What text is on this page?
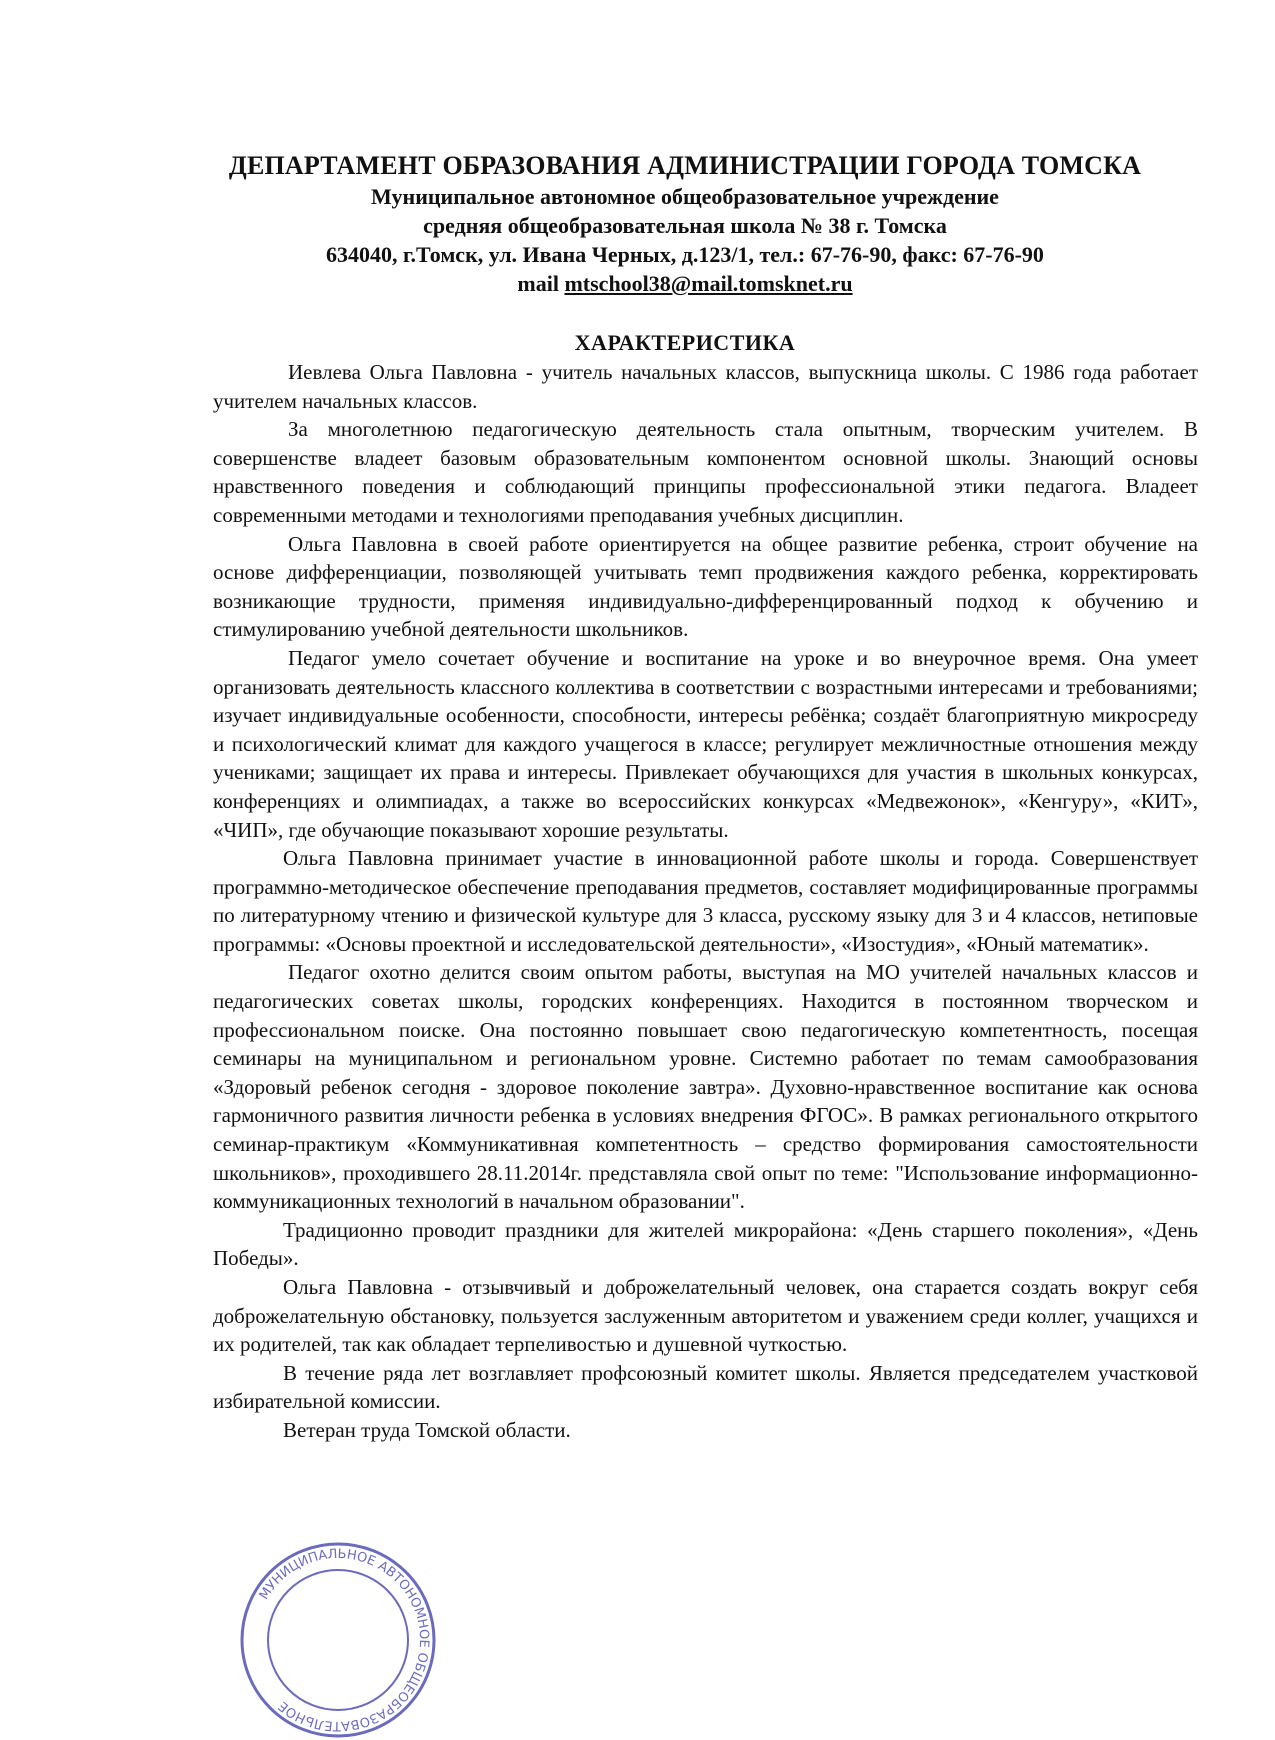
ДЕПАРТАМЕНТ ОБРАЗОВАНИЯ АДМИНИСТРАЦИИ ГОРОДА ТОМСКА
Муниципальное автономное общеобразовательное учреждение
средняя общеобразовательная школа № 38 г. Томска
634040, г.Томск, ул. Ивана Черных, д.123/1, тел.: 67-76-90, факс: 67-76-90
mail mtschool38@mail.tomsknet.ru
ХАРАКТЕРИСТИКА

Иевлева Ольга Павловна - учитель начальных классов, выпускница школы. С 1986 года работает учителем начальных классов.

За многолетнюю педагогическую деятельность стала опытным, творческим учителем. В совершенстве владеет базовым образовательным компонентом основной школы. Знающий основы нравственного поведения и соблюдающий принципы профессиональной этики педагога. Владеет современными методами и технологиями преподавания учебных дисциплин.

Ольга Павловна в своей работе ориентируется на общее развитие ребенка, строит обучение на основе дифференциации, позволяющей учитывать темп продвижения каждого ребенка, корректировать возникающие трудности, применяя индивидуально-дифференцированный подход к обучению и стимулированию учебной деятельности школьников.

Педагог умело сочетает обучение и воспитание на уроке и во внеурочное время. Она умеет организовать деятельность классного коллектива в соответствии с возрастными интересами и требованиями; изучает индивидуальные особенности, способности, интересы ребёнка; создаёт благоприятную микросреду и психологический климат для каждого учащегося в классе; регулирует межличностные отношения между учениками; защищает их права и интересы. Привлекает обучающихся для участия в школьных конкурсах, конференциях и олимпиадах, а также во всероссийских конкурсах «Медвежонок», «Кенгуру», «КИТ», «ЧИП», где обучающие показывают хорошие результаты.

Ольга Павловна принимает участие в инновационной работе школы и города. Совершенствует программно-методическое обеспечение преподавания предметов, составляет модифицированные программы по литературному чтению и физической культуре для 3 класса, русскому языку для 3 и 4 классов, нетиповые программы: «Основы проектной и исследовательской деятельности», «Изостудия», «Юный математик».

Педагог охотно делится своим опытом работы, выступая на МО учителей начальных классов и педагогических советах школы, городских конференциях. Находится в постоянном творческом и профессиональном поиске. Она постоянно повышает свою педагогическую компетентность, посещая семинары на муниципальном и региональном уровне. Системно работает по темам самообразования «Здоровый ребенок сегодня - здоровое поколение завтра». Духовно-нравственное воспитание как основа гармоничного развития личности ребенка в условиях внедрения ФГОС». В рамках регионального открытого семинар-практикум «Коммуникативная компетентность – средство формирования самостоятельности школьников», проходившего 28.11.2014г. представляла свой опыт по теме: "Использование информационно-коммуникационных технологий в начальном образовании".

Традиционно проводит праздники для жителей микрорайона: «День старшего поколения», «День Победы».

Ольга Павловна - отзывчивый и доброжелательный человек, она старается создать вокруг себя доброжелательную обстановку, пользуется заслуженным авторитетом и уважением среди коллег, учащихся и их родителей, так как обладает терпеливостью и душевной чуткостью.

В течение ряда лет возглавляет профсоюзный комитет школы. Является председателем участковой избирательной комиссии.

Ветеран труда Томской области.

МУНИЦИПАЛЬНОЕ АВТОНОМНОЕ ОБЩЕОБРАЗОВАТЕЛЬНОЕ
